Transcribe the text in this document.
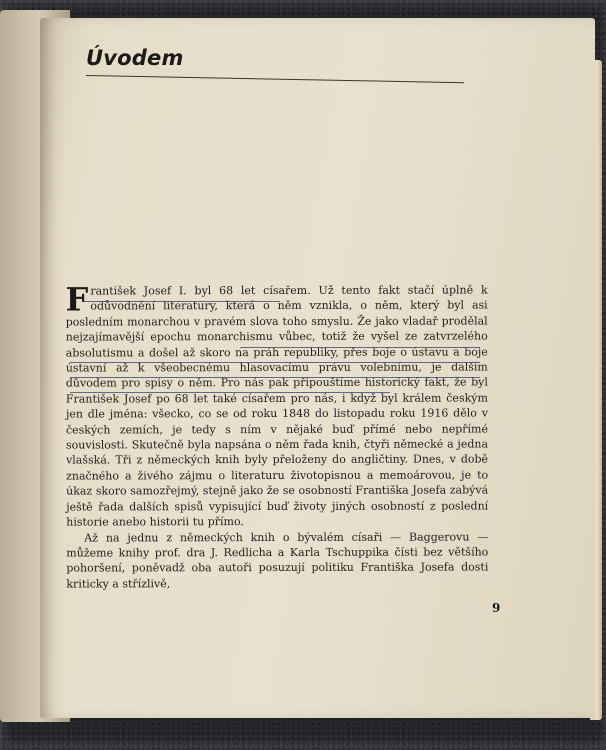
Úvodem

František Josef I. byl 68 let císařem. Už tento fakt stačí úplně k odůvodnění literatury, která o něm vznikla, o něm, který byl asi posledním monarchou v pravém slova toho smyslu. Že jako vladař prodělal nejzajímavější epochu monarchismu vůbec, totiž že vyšel ze zatvrzelého absolutismu a došel až skoro na práh republiky, přes boje o ústavu a boje ústavní až k všeobecnému hlasovacímu právu volebnímu, je dalším důvodem pro spisy o něm. Pro nás pak připouštíme historický fakt, že byl František Josef po 68 let také císařem pro nás, i když byl králem českým jen dle jména: všecko, co se od roku 1848 do listopadu roku 1916 dělo v českých zemích, je tedy s ním v nějaké buď přímé nebo nepřímé souvislosti. Skutečně byla napsána o něm řada knih, čtyři německé a jedna vlašská. Tři z německých knih byly přeloženy do angličtiny. Dnes, v době značného a živého zájmu o literaturu životopisnou a memoárovou, je to úkaz skoro samozřejmý, stejně jako že se osobností Františka Josefa zabývá ještě řada dalších spisů vypisující buď životy jiných osobností z poslední historie anebo historii tu přímo.

Až na jednu z německých knih o bývalém císaři — Baggerovu — můžeme knihy prof. dra J. Redlicha a Karla Tschuppika čísti bez většího pohoršení, poněvadž oba autoři posuzují politiku Františka Josefa dosti kriticky a střízlivě,

9
